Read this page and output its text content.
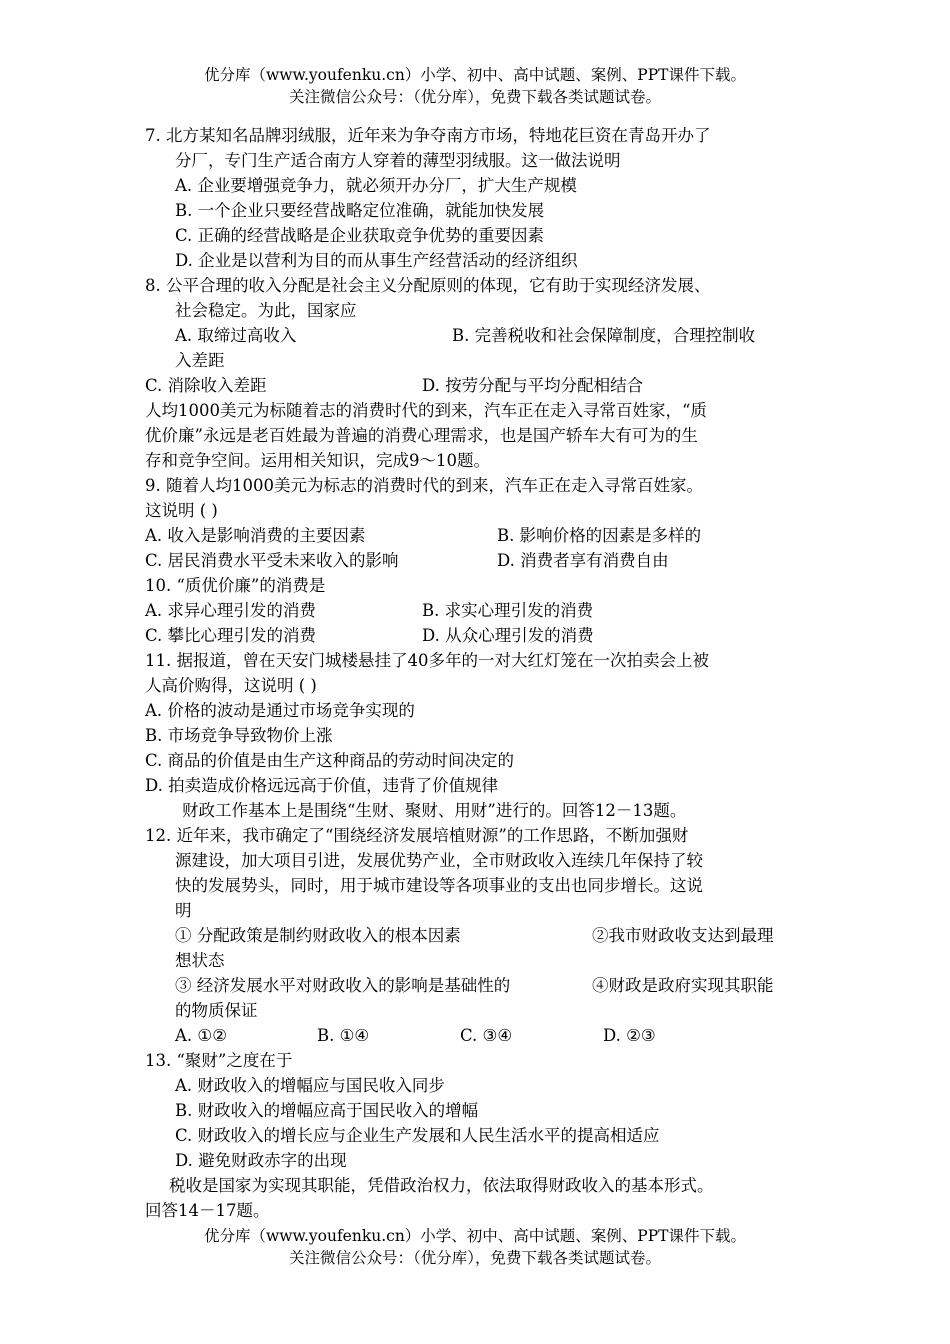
优分库（www.youfenku.cn）小学、初中、高中试题、案例、PPT课件下载。
关注微信公众号：（优分库），免费下载各类试题试卷。
7. 北方某知名品牌羽绒服，近年来为争夺南方市场，特地花巨资在青岛开办了
分厂，专门生产适合南方人穿着的薄型羽绒服。这一做法说明
A. 企业要增强竞争力，就必须开办分厂，扩大生产规模
B. 一个企业只要经营战略定位准确，就能加快发展
C. 正确的经营战略是企业获取竞争优势的重要因素
D. 企业是以营利为目的而从事生产经营活动的经济组织
8. 公平合理的收入分配是社会主义分配原则的体现，它有助于实现经济发展、
社会稳定。为此，国家应
A. 取缔过高收入	B. 完善税收和社会保障制度，合理控制收
入差距
C. 消除收入差距	D. 按劳分配与平均分配相结合
人均1000美元为标随着志的消费时代的到来，汽车正在走入寻常百姓家，“质
优价廉”永远是老百姓最为普遍的消费心理需求，也是国产轿车大有可为的生
存和竞争空间。运用相关知识，完成9～10题。
9. 随着人均1000美元为标志的消费时代的到来，汽车正在走入寻常百姓家。
这说明 ( )
A. 收入是影响消费的主要因素	B. 影响价格的因素是多样的
C. 居民消费水平受未来收入的影响	D. 消费者享有消费自由
10. “质优价廉”的消费是
A. 求异心理引发的消费	B. 求实心理引发的消费
C. 攀比心理引发的消费	D. 从众心理引发的消费
11. 据报道，曾在天安门城楼悬挂了40多年的一对大红灯笼在一次拍卖会上被
人高价购得，这说明 ( )
A. 价格的波动是通过市场竞争实现的
B. 市场竞争导致物价上涨
C. 商品的价值是由生产这种商品的劳动时间决定的
D. 拍卖造成价格远远高于价值，违背了价值规律
财政工作基本上是围绕“生财、聚财、用财”进行的。回答12－13题。
12. 近年来，我市确定了“围绕经济发展培植财源”的工作思路，不断加强财
源建设，加大项目引进，发展优势产业，全市财政收入连续几年保持了较
快的发展势头，同时，用于城市建设等各项事业的支出也同步增长。这说
明
① 分配政策是制约财政收入的根本因素	②我市财政收支达到最理
想状态
③ 经济发展水平对财政收入的影响是基础性的	④财政是政府实现其职能
的物质保证
A. ①②	B. ①④	C. ③④	D. ②③
13. “聚财”之度在于
A. 财政收入的增幅应与国民收入同步
B. 财政收入的增幅应高于国民收入的增幅
C. 财政收入的增长应与企业生产发展和人民生活水平的提高相适应
D. 避免财政赤字的出现
税收是国家为实现其职能，凭借政治权力，依法取得财政收入的基本形式。
回答14－17题。
优分库（www.youfenku.cn）小学、初中、高中试题、案例、PPT课件下载。
关注微信公众号：（优分库），免费下载各类试题试卷。
